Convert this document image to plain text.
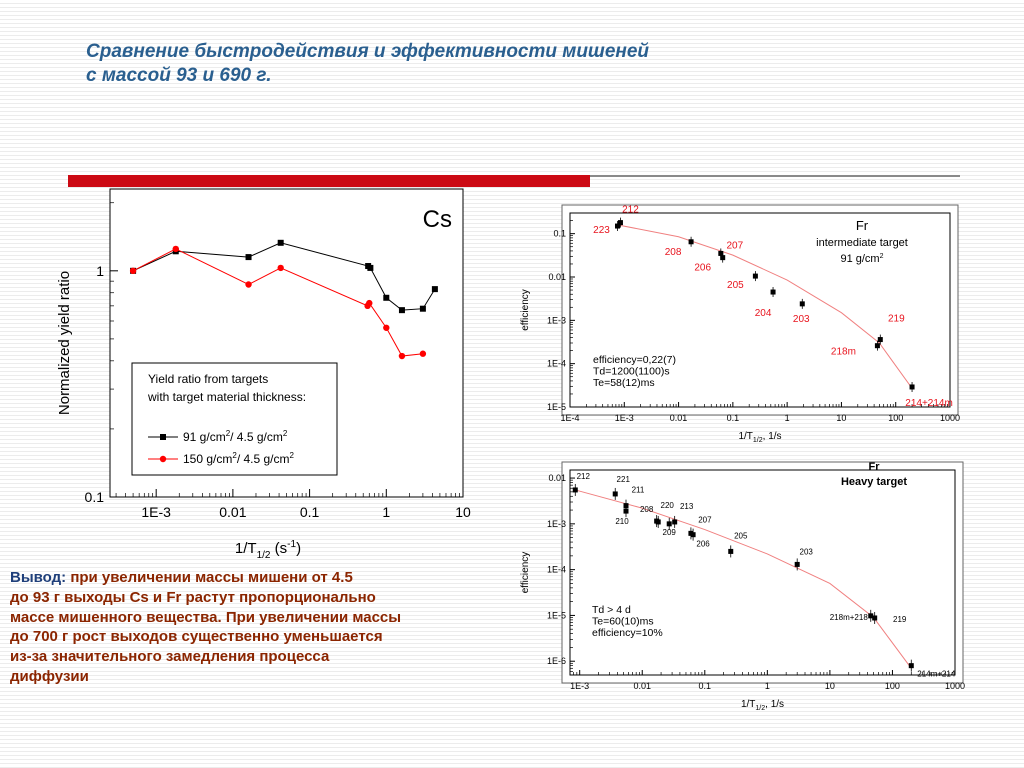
Сравнение быстродействия и эффективности мишеней
с массой 93 и 690 г.
1E-3	0.01	0.1	1	10
0.1
1
Cs
Normalized yield ratio
$1/T_{1/2}$ $(s^{-1})$
Yield ratio from targets
with target material thickness:
91 $g/cm^2/$ 4.5 $g/cm^2$
150 $g/cm^2/$ 4.5 $g/cm^2$
1E-4	1E-3	0.01	0.1	1	10	100	1000
1E-5
1E-4
1E-3
0.01
0.1
efficiency
$1/T_{1/2}$, 1/s
223
212
208
207
206
205
204
203
218m
219
214+214m
Fr
intermediate target
91 $g/cm^2$
efficiency=0,22(7)
Td=1200(1100)s
Te=58(12)ms
1E-3	0.01	0.1	1	10	100	1000
1E-6
1E-5
1E-4
1E-3
0.01
efficiency
$1/T_{1/2}$, 1/s
212	221
211
210
208 220
209
213
207
206
205
203
218m+218	219
214m+214
Fr
Heavy target
Td > 4 d
Te=60(10)ms
efficiency=10%
Вывод: при увеличении массы мишени от 4.5
до 93 г выходы Cs и Fr растут пропорционально
массе мишенного вещества. При увеличении массы
до 700 г рост выходов существенно уменьшается
из-за значительного замедления процесса
диффузии
